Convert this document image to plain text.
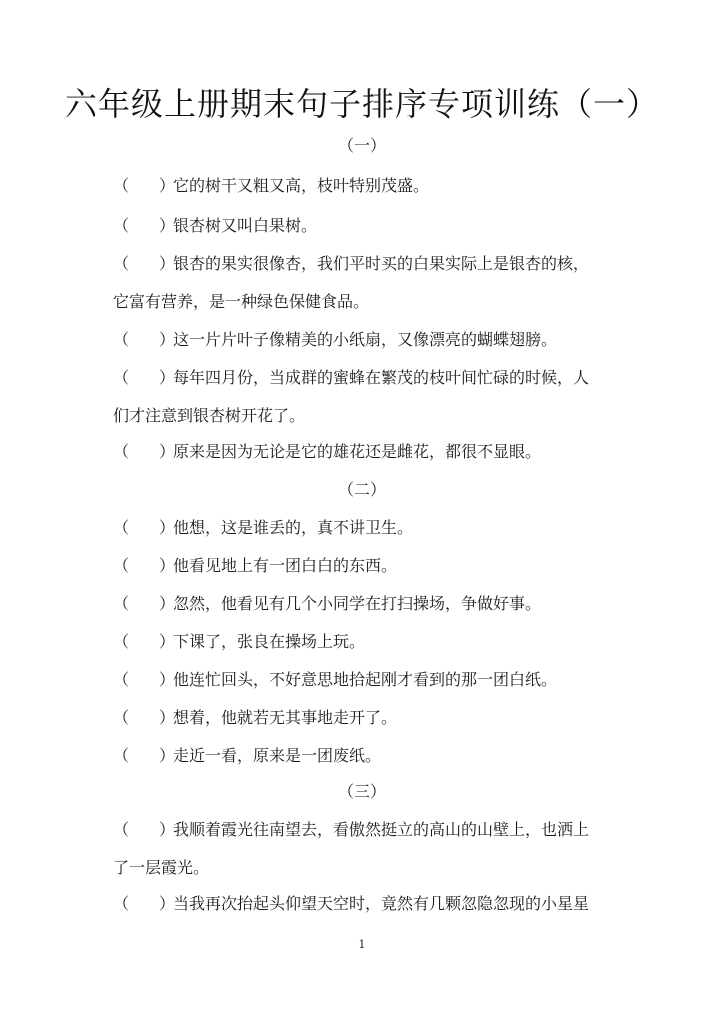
六年级上册期末句子排序专项训练（一）
（一）
（ ）它的树干又粗又高，枝叶特别茂盛。
（ ）银杏树又叫白果树。
（ ）银杏的果实很像杏，我们平时买的白果实际上是银杏的核，
它富有营养，是一种绿色保健食品。
（ ）这一片片叶子像精美的小纸扇，又像漂亮的蝴蝶翅膀。
（ ）每年四月份，当成群的蜜蜂在繁茂的枝叶间忙碌的时候，人
们才注意到银杏树开花了。
（ ）原来是因为无论是它的雄花还是雌花，都很不显眼。
（二）
（ ）他想，这是谁丢的，真不讲卫生。
（ ）他看见地上有一团白白的东西。
（ ）忽然，他看见有几个小同学在打扫操场，争做好事。
（ ）下课了，张良在操场上玩。
（ ）他连忙回头，不好意思地拾起刚才看到的那一团白纸。
（ ）想着，他就若无其事地走开了。
（ ）走近一看，原来是一团废纸。
（三）
（ ）我顺着霞光往南望去，看傲然挺立的高山的山壁上，也洒上
了一层霞光。
（ ）当我再次抬起头仰望天空时，竟然有几颗忽隐忽现的小星星
1
